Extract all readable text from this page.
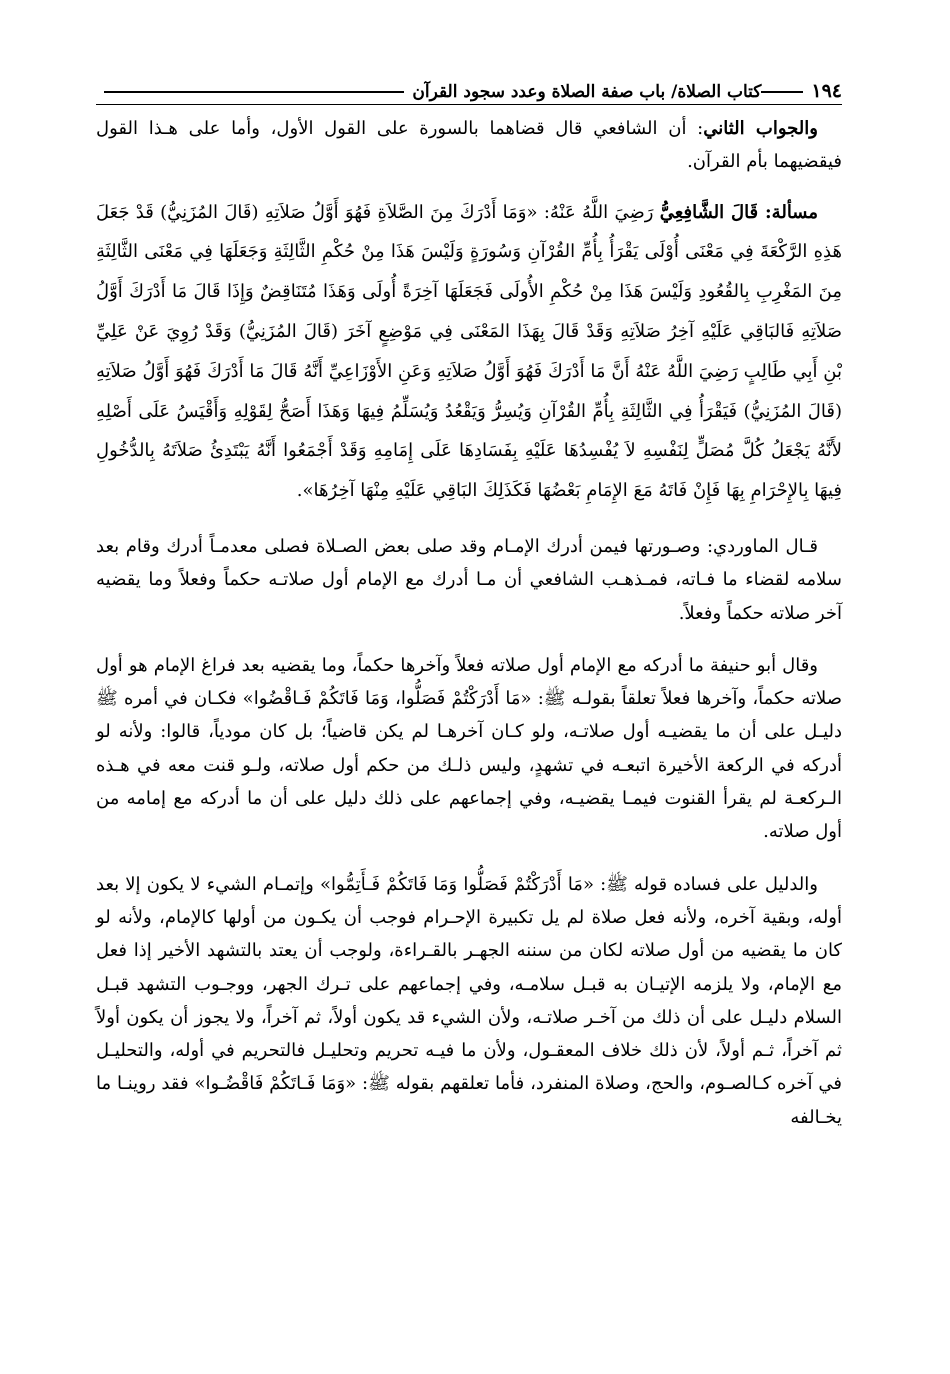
١٩٤
كتاب الصلاة/ باب صفة الصلاة وعدد سجود القرآن

والجواب الثاني: أن الشافعي قال قضاهما بالسورة على القول الأول، وأما على هـذا القول فيقضيهما بأم القرآن.

مسألة: قَالَ الشَّافِعِيُّ رَضِيَ اللَّهُ عَنْهُ: «وَمَا أَدْرَكَ مِنَ الصَّلاَةِ فَهُوَ أَوَّلُ صَلاَتِهِ (قَالَ المُزَنِيُّ) قَدْ جَعَلَ هَذِهِ الرَّكْعَةَ فِي مَعْنَى أُوْلَى يَقْرَأُ بِأُمِّ القُرْآنِ وَسُورَةٍ وَلَيْسَ هَذَا مِنْ حُكْمِ الثَّالِثَةِ وَجَعَلَهَا فِي مَعْنَى الثَّالِثَةِ مِنَ المَغْرِبِ بِالقُعُودِ وَلَيْسَ هَذَا مِنْ حُكْمِ الأُولَى فَجَعَلَهَا آخِرَةً أُولَى وَهَذَا مُتَنَاقِضٌ وَإِذَا قَالَ مَا أَدْرَكَ أَوَّلُ صَلاَتِهِ فَالبَاقِي عَلَيْهِ آخِرُ صَلاَتِهِ وَقَدْ قَالَ بِهَذَا المَعْنَى فِي مَوْضِعٍ آخَرَ (قَالَ المُزَنِيُّ) وَقَدْ رُوِيَ عَنْ عَلِيِّ بْنِ أَبِي طَالِبٍ رَضِيَ اللَّهُ عَنْهُ أَنَّ مَا أَدْرَكَ فَهُوَ أَوَّلُ صَلاَتِهِ وَعَنِ الأَوْزَاعِيِّ أَنَّهُ قَالَ مَا أَدْرَكَ فَهُوَ أَوَّلُ صَلاَتِهِ (قَالَ المُزَنِيُّ) فَيَقْرَأُ فِي الثَّالِثَةِ بِأُمِّ القُرْآنِ وَيُسِرُّ وَيَقْعُدُ وَيُسَلِّمُ فِيهَا وَهَذَا أَصَحُّ لِقَوْلِهِ وَأَقْيَسُ عَلَى أَصْلِهِ لأَنَّهُ يَجْعَلُ كُلَّ مُصَلٍّ لِنَفْسِهِ لاَ يُفْسِدُهَا عَلَيْهِ بِفَسَادِهَا عَلَى إِمَامِهِ وَقَدْ أَجْمَعُوا أَنَّهُ يَبْتَدِئُ صَلاَتَهُ بِالدُّخُولِ فِيهَا بِالإِحْرَامِ بِهَا فَإِنْ فَاتَهُ مَعَ الإِمَامِ بَعْضُهَا فَكَذَلِكَ البَاقِي عَلَيْهِ مِنْهَا آخِرُهَا».

قـال الماوردي: وصـورتها فيمن أدرك الإمـام وقد صلى بعض الصـلاة فصلى معدمـاً أدرك وقام بعد سلامه لقضاء ما فـاته، فمـذهـب الشافعي أن مـا أدرك مع الإمام أول صلاتـه حكماً وفعلاً وما يقضيه آخر صلاته حكماً وفعلاً.

وقال أبو حنيفة ما أدركه مع الإمام أول صلاته فعلاً وآخرها حكماً، وما يقضيه بعد فراغ الإمام هو أول صلاته حكماً، وآخرها فعلاً تعلقاً بقولـه ﷺ: «مَا أَدْرَكْتُمْ فَصَلُّوا، وَمَا فَاتَكُمْ فَـاقْضُوا» فكـان في أمره ﷺ دليـل على أن ما يقضيـه أول صلاتـه، ولو كـان آخرهـا لم يكن قاضياً؛ بل كان مودياً، قالوا: ولأنه لو أدركه في الركعة الأخيرة اتبعـه في تشهدٍ، وليس ذلـك من حكم أول صلاته، ولـو قنت معه في هـذه الـركعـة لم يقرأ القنوت فيمـا يقضيـه، وفي إجماعهم على ذلك دليل على أن ما أدركه مع إمامه من أول صلاته.

والدليل على فساده قوله ﷺ: «مَا أَدْرَكْتُمْ فَصَلُّوا وَمَا فَاتَكُمْ فَـأَتِمُّوا» وإتمـام الشيء لا يكون إلا بعد أوله، وبقية آخره، ولأنه فعل صلاة لم يل تكبيرة الإحـرام فوجب أن يكـون من أولها كالإمام، ولأنه لو كان ما يقضيه من أول صلاته لكان من سننه الجهـر بالقـراءة، ولوجب أن يعتد بالتشهد الأخير إذا فعل مع الإمام، ولا يلزمه الإتيـان به قبـل سلامـه، وفي إجماعهم على تـرك الجهر، ووجـوب التشهد قبـل السلام دليـل على أن ذلك من آخـر صلاتـه، ولأن الشيء قد يكون أولاً، ثم آخراً، ولا يجوز أن يكون أولاً ثم آخراً، ثـم أولاً، لأن ذلك خلاف المعقـول، ولأن ما فيـه تحريم وتحليـل فالتحريم في أوله، والتحليـل في آخره كـالصـوم، والحج، وصلاة المنفرد، فأما تعلقهم بقوله ﷺ: «وَمَا فَـاتَكُمْ فَاقْضُـوا» فقد روينـا ما يخـالفه
